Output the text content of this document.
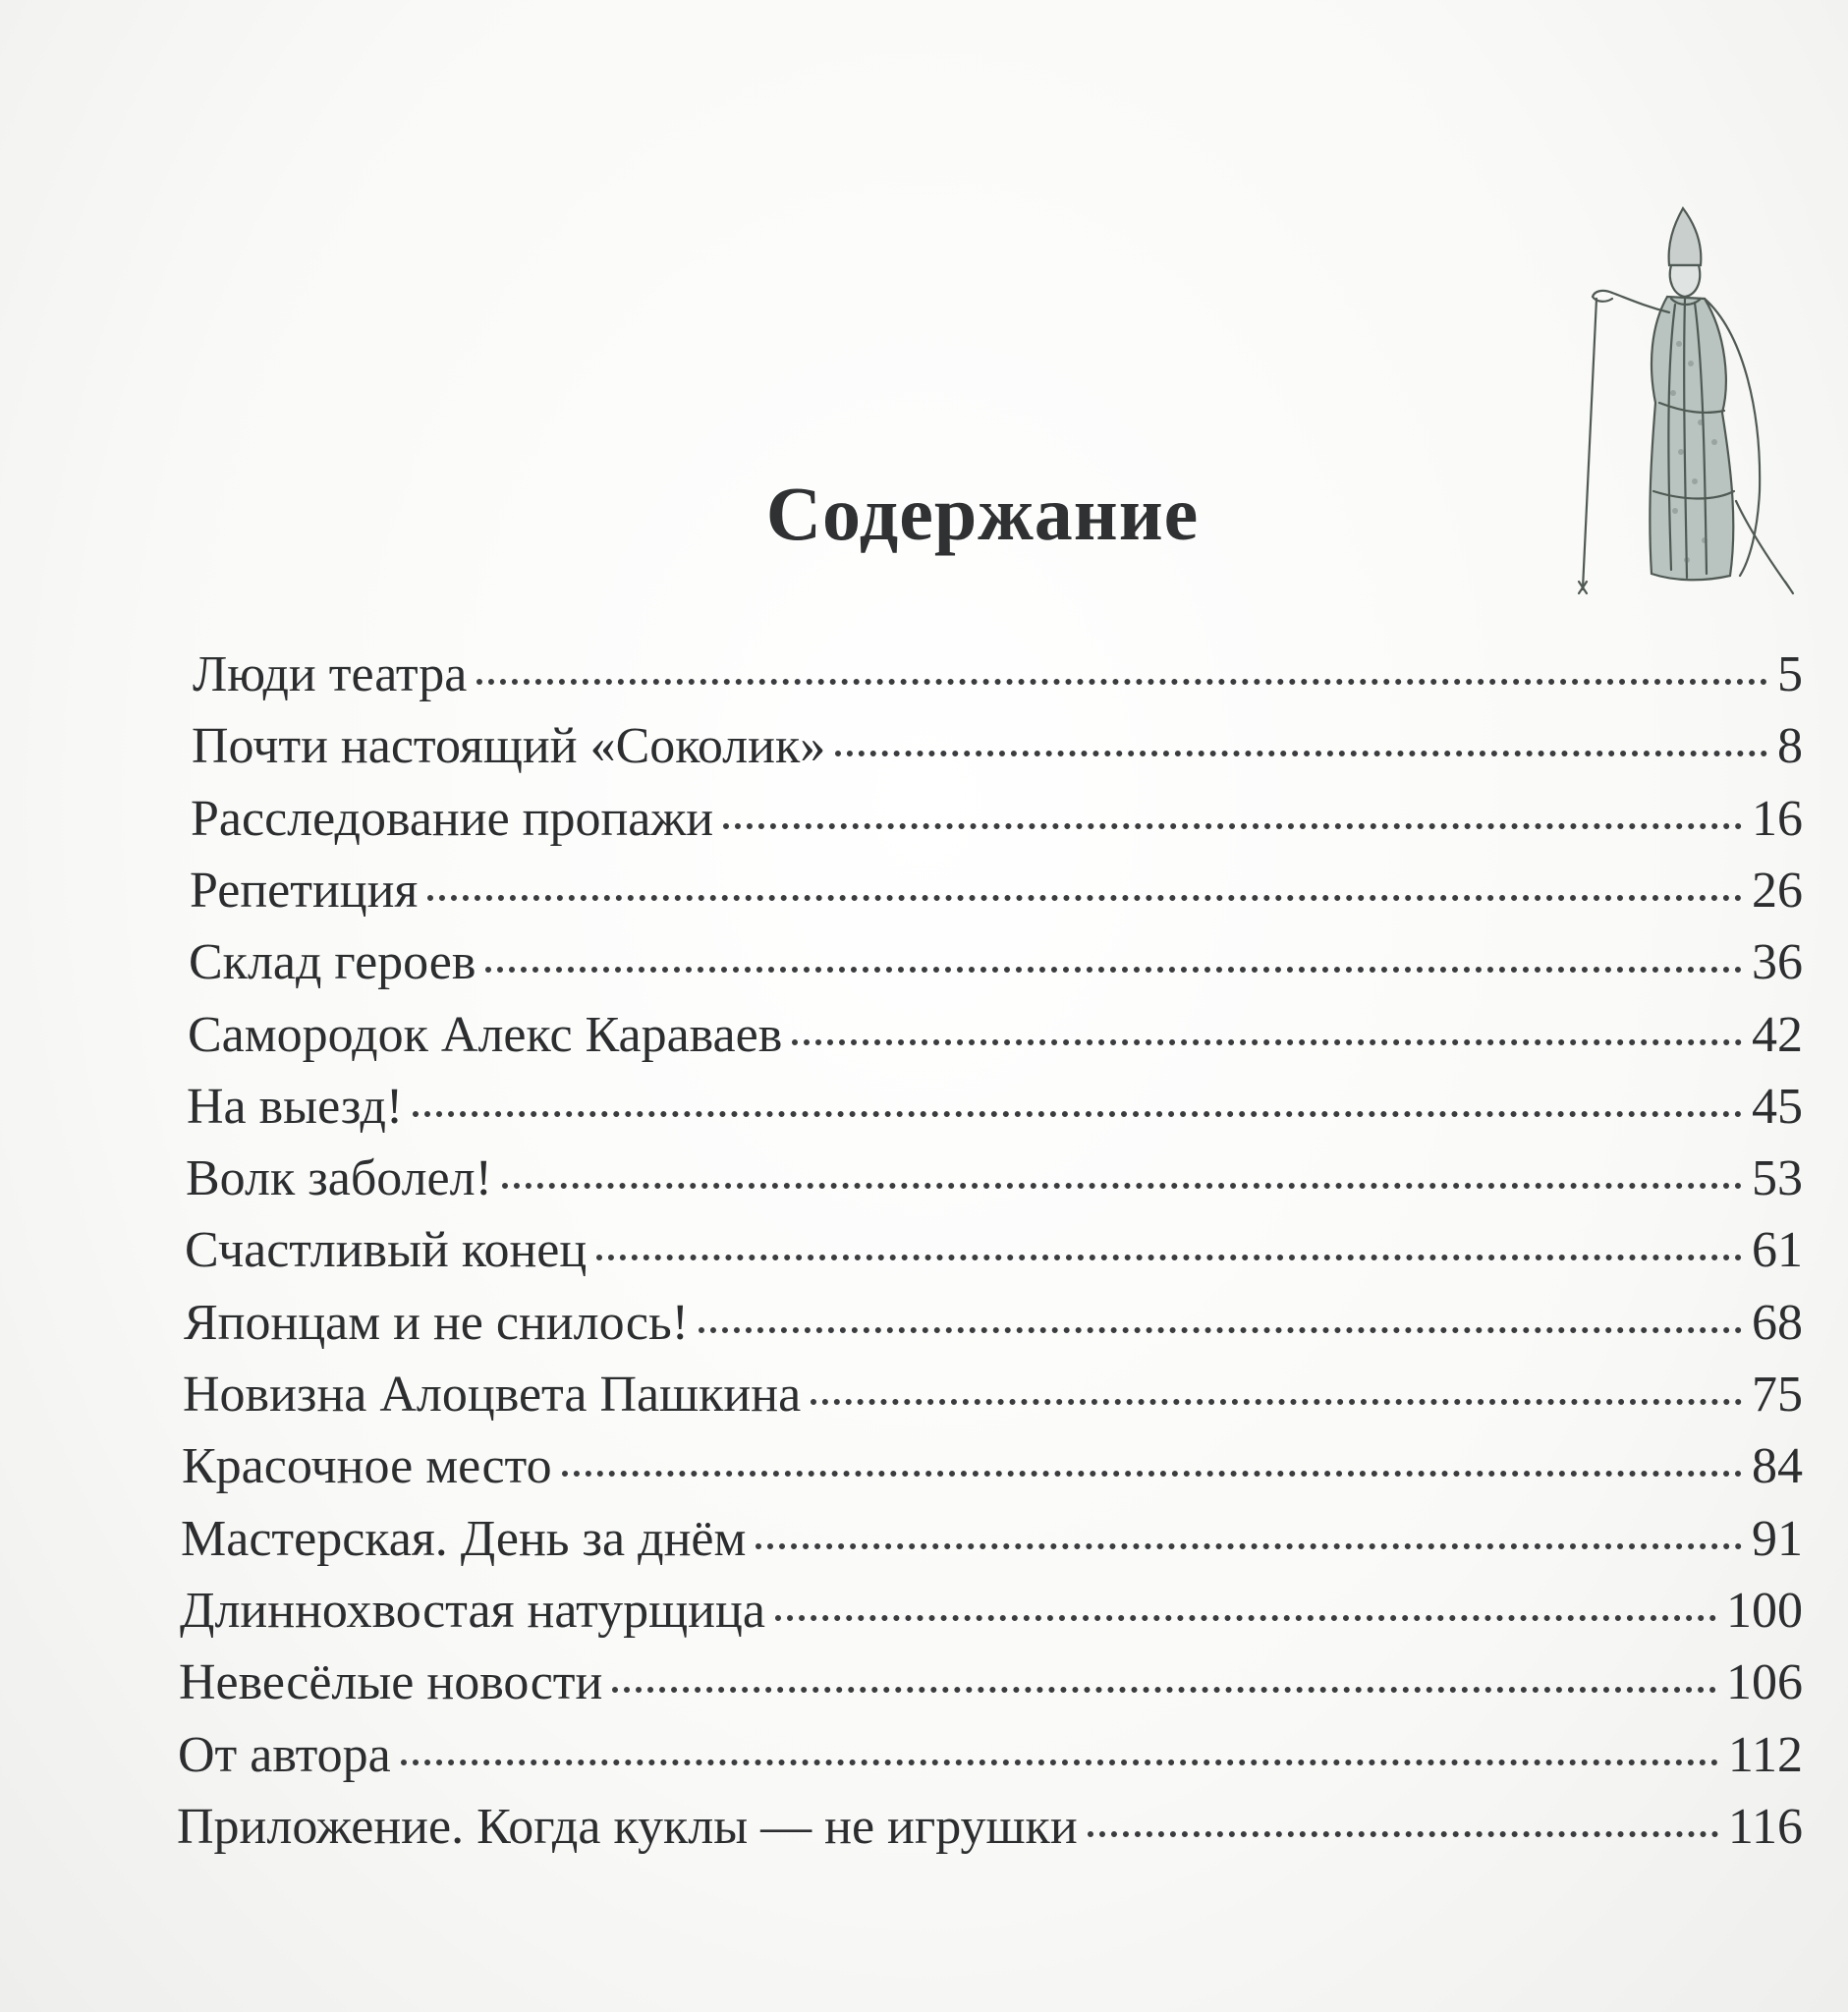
Содержание
Люди театра	5
Почти настоящий «Соколик»	8
Расследование пропажи	16
Репетиция	26
Склад героев	36
Самородок Алекс Караваев	42
На выезд!	45
Волк заболел!	53
Счастливый конец	61
Японцам и не снилось!	68
Новизна Алоцвета Пашкина	75
Красочное место	84
Мастерская. День за днём	91
Длиннохвостая натурщица	100
Невесёлые новости	106
От автора	112
Приложение. Когда куклы — не игрушки	116
